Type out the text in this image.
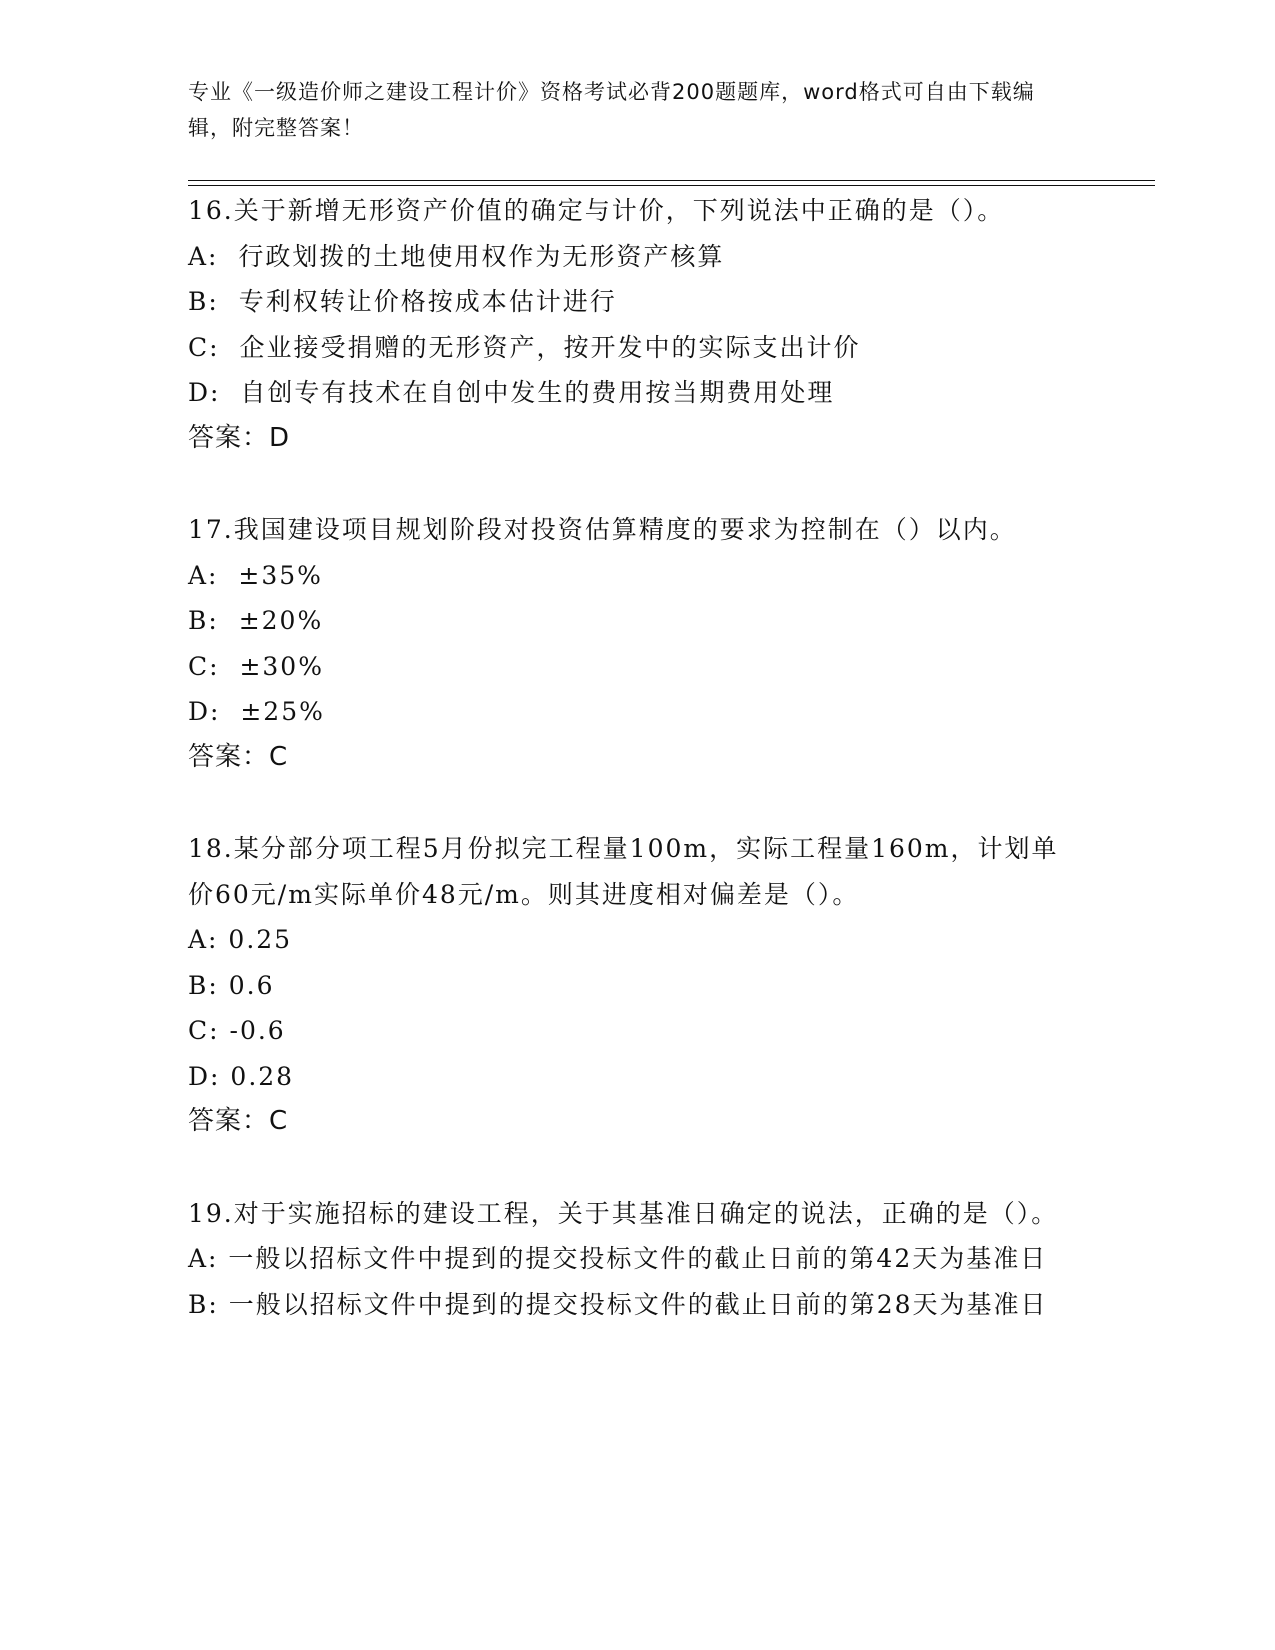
专业《一级造价师之建设工程计价》资格考试必背200题题库，word格式可自由下载编辑，附完整答案！

16.关于新增无形资产价值的确定与计价，下列说法中正确的是（）。

A:  行政划拨的土地使用权作为无形资产核算

B:  专利权转让价格按成本估计进行

C:  企业接受捐赠的无形资产，按开发中的实际支出计价

D:  自创专有技术在自创中发生的费用按当期费用处理

答案：D

17.我国建设项目规划阶段对投资估算精度的要求为控制在（）以内。

A:  ±35%

B:  ±20%

C:  ±30%

D:  ±25%

答案：C

18.某分部分项工程5月份拟完工程量100m，实际工程量160m，计划单价60元/m实际单价48元/m。则其进度相对偏差是（）。

A: 0.25

B: 0.6

C: -0.6

D: 0.28

答案：C

19.对于实施招标的建设工程，关于其基准日确定的说法，正确的是（）。

A: 一般以招标文件中提到的提交投标文件的截止日前的第42天为基准日

B: 一般以招标文件中提到的提交投标文件的截止日前的第28天为基准日
